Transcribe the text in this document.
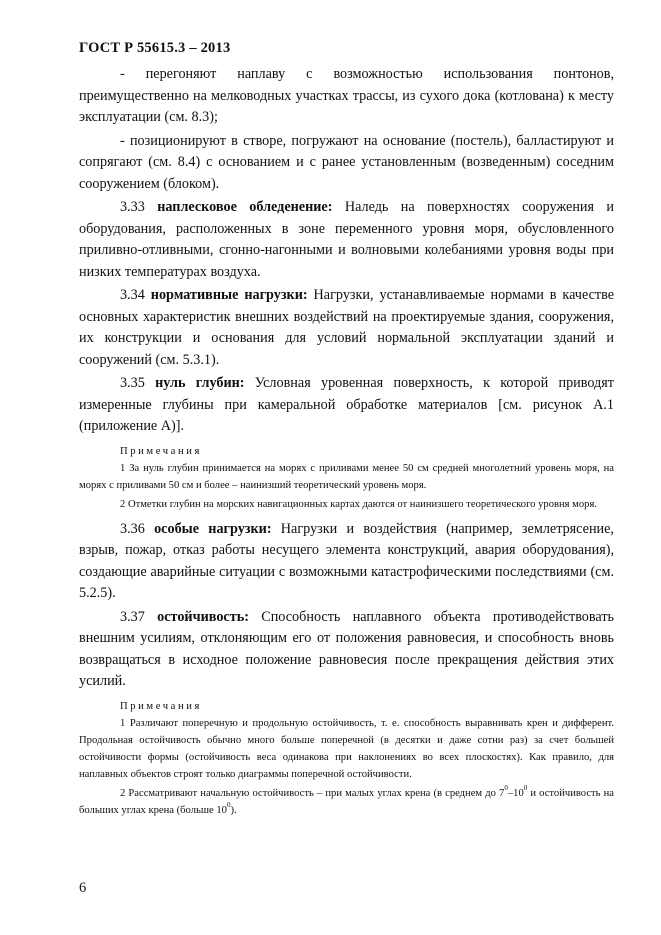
ГОСТ Р 55615.3 – 2013

- перегоняют наплаву с возможностью использования понтонов, преимущественно на мелководных участках трассы, из сухого дока (котлована) к месту эксплуатации (см. 8.3);

- позиционируют в створе, погружают на основание (постель), балластируют и сопрягают (см. 8.4) с основанием и с ранее установленным (возведенным) соседним сооружением (блоком).

3.33 наплесковое обледенение: Наледь на поверхностях сооружения и оборудования, расположенных в зоне переменного уровня моря, обусловленного приливно-отливными, сгонно-нагонными и волновыми колебаниями уровня воды при низких температурах воздуха.

3.34 нормативные нагрузки: Нагрузки, устанавливаемые нормами в качестве основных характеристик внешних воздействий на проектируемые здания, сооружения, их конструкции и основания для условий нормальной эксплуатации зданий и сооружений (см. 5.3.1).

3.35 нуль глубин: Условная уровенная поверхность, к которой приводят измеренные глубины при камеральной обработке материалов [см. рисунок А.1 (приложение А)].

Примечания

1 За нуль глубин принимается на морях с приливами менее 50 см средней многолетний уровень моря, на морях с приливами 50 см и более – наинизший теоретический уровень моря.

2 Отметки глубин на морских навигационных картах даются от наинизшего теоретического уровня моря.

3.36 особые нагрузки: Нагрузки и воздействия (например, землетрясение, взрыв, пожар, отказ работы несущего элемента конструкций, авария оборудования), создающие аварийные ситуации с возможными катастрофическими последствиями (см. 5.2.5).

3.37 остойчивость: Способность наплавного объекта противодействовать внешним усилиям, отклоняющим его от положения равновесия, и способность вновь возвращаться в исходное положение равновесия после прекращения действия этих усилий.

Примечания

1 Различают поперечную и продольную остойчивость, т. е. способность выравнивать крен и дифферент. Продольная остойчивость обычно много больше поперечной (в десятки и даже сотни раз) за счет большей остойчивости формы (остойчивость веса одинакова при наклонениях во всех плоскостях). Как правило, для наплавных объектов строят только диаграммы поперечной остойчивости.

2 Рассматривают начальную остойчивость – при малых углах крена (в среднем до $7^0-10^0$ и остойчивость на больших углах крена (больше $10^0$).

6
